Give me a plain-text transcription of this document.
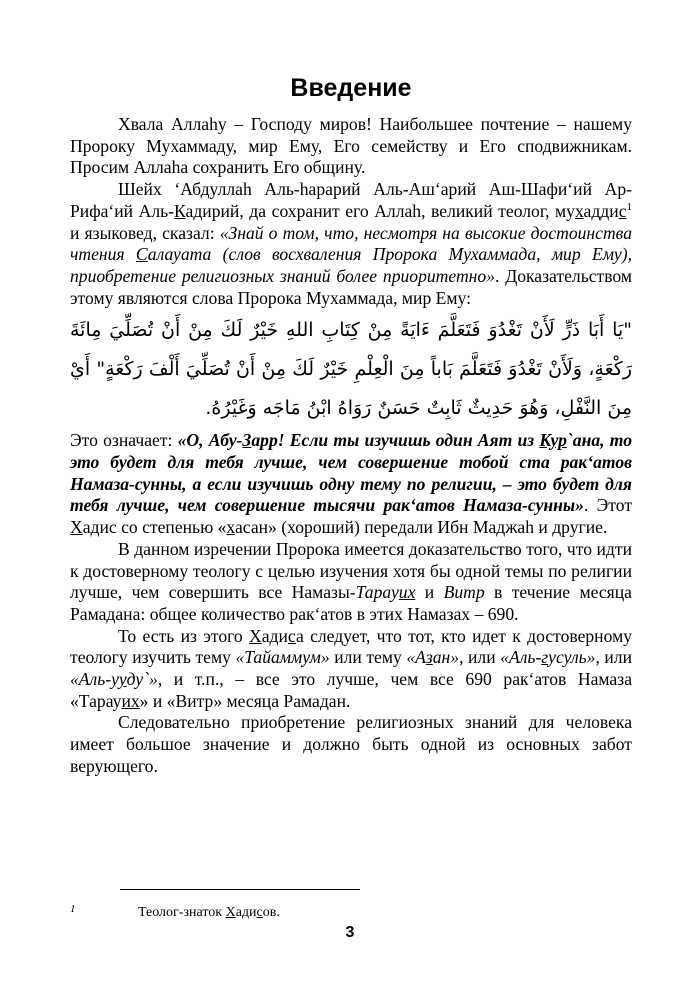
Введение

Хвала Аллаhу – Господу миров! Наибольшее почтение – нашему Пророку Мухаммаду, мир Ему, Его семейству и Его сподвижникам. Просим Аллаhа сохранить Его общину.

Шейх ‘Абдуллаh Аль-hарарий Аль-Аш‘арий Аш-Шафи‘ий Ар-Рифа‘ий Аль-Кадирий, да сохранит его Аллаh, великий теолог, мухаддис$^1$ и языковед, сказал: «Знай о том, что, несмотря на высокие достоинства чтения Салауата (слов восхваления Пророка Мухаммада, мир Ему), приобретение религиозных знаний более приоритетно». Доказательством этому являются слова Пророка Мухаммада, мир Ему:

"يَا أَبَا ذَرٍّ لَأَنْ تَغْدُوَ فَتَعَلَّمَ ءَايَةً مِنْ كِتَابِ اللهِ خَيْرٌ لَكَ مِنْ أَنْ تُصَلِّيَ مِائَةَ رَكْعَةٍ، وَلَأَنْ تَغْدُوَ فَتَعَلَّمَ بَاباً مِنَ الْعِلْمِ خَيْرٌ لَكَ مِنْ أَنْ تُصَلِّيَ أَلْفَ رَكْعَةٍ" أَيْ مِنَ النَّفْلِ، وَهُوَ حَدِيثٌ ثَابِتٌ حَسَنٌ رَوَاهُ ابْنُ مَاجَه وَغَيْرُهُ.

Это означает: «О, Абу-Зарр! Если ты изучишь один Аят из Кур`ана, то это будет для тебя лучше, чем совершение тобой ста рак‘атов Намаза-сунны, а если изучишь одну тему по религии, – это будет для тебя лучше, чем совершение тысячи рак‘атов Намаза-сунны». Этот Хадис со степенью «хасан» (хороший) передали Ибн Маджаh и другие.

В данном изречении Пророка имеется доказательство того, что идти к достоверному теологу с целью изучения хотя бы одной темы по религии лучше, чем совершить все Намазы-Тарауих и Витр в течение месяца Рамадана: общее количество рак‘атов в этих Намазах – 690.

То есть из этого Хадиса следует, что тот, кто идет к достоверному теологу изучить тему «Тайаммум» или тему «Азан», или «Аль-гусуль», или «Аль-ууду`», и т.п., – все это лучше, чем все 690 рак‘атов Намаза «Тарауих» и «Витр» месяца Рамадан.

Следовательно приобретение религиозных знаний для человека имеет большое значение и должно быть одной из основных забот верующего.

1	Теолог-знаток Хадисов.
3
